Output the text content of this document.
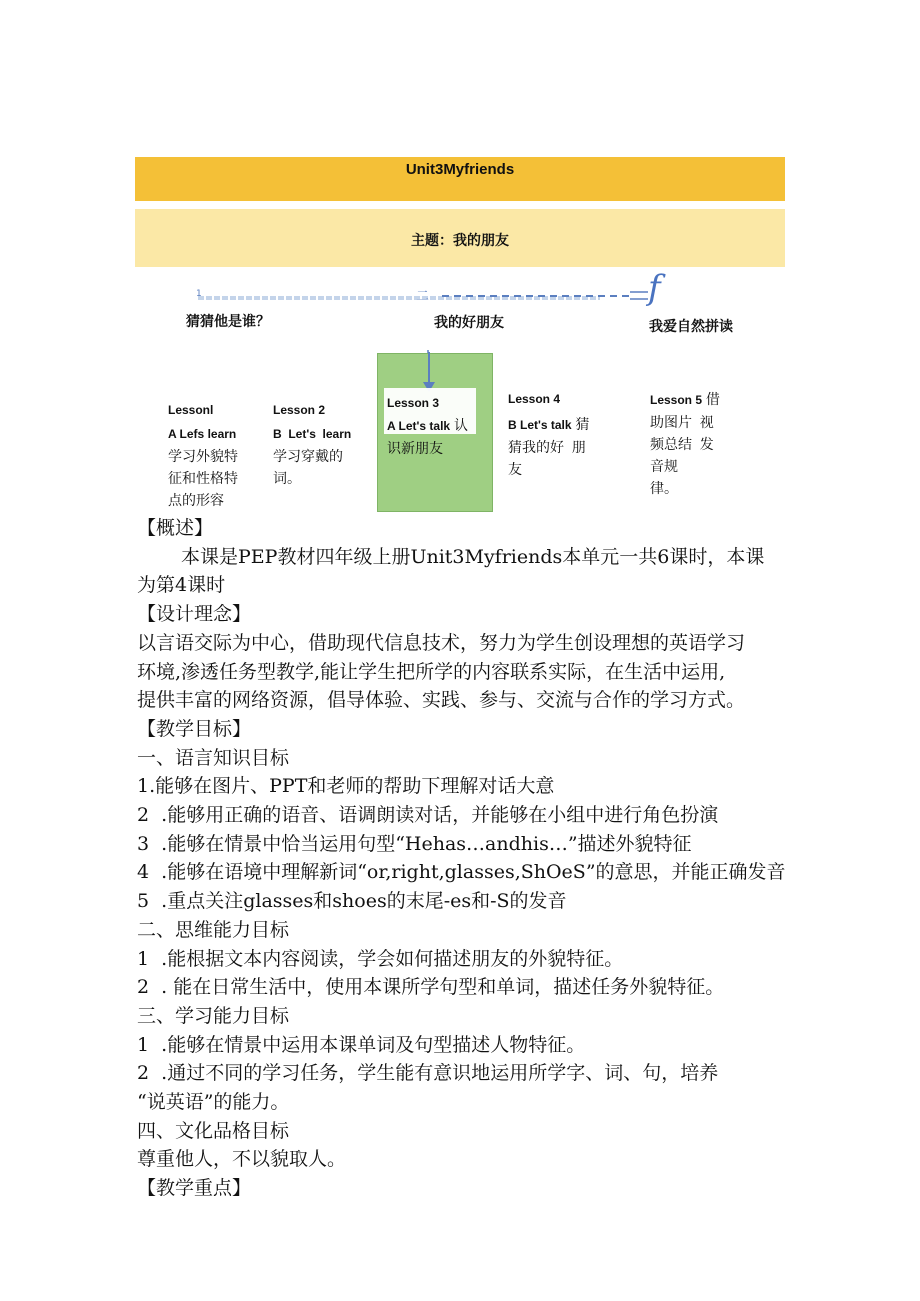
Unit3Myfriends
主题：我的朋友
1	二	f
猜猜他是谁？	我的好朋友	我爱自然拼读
Lessonl
A Lefs learn
学习外貌特
征和性格特
点的形容
Lesson 2
B  Let's  learn
学习穿戴的
词。
Lesson 3
A Let's talk 认
识新朋友
Lesson 4
B Let's talk 猜
猜我的好  朋
友
Lesson 5 借
助图片  视
频总结  发
音规
律。
【概述】
本课是PEP教材四年级上册Unit3Myfriends本单元一共6课时，本课
为第4课时
【设计理念】
以言语交际为中心，借助现代信息技术，努力为学生创设理想的英语学习
环境,渗透任务型教学,能让学生把所学的内容联系实际，在生活中运用,
提供丰富的网络资源，倡导体验、实践、参与、交流与合作的学习方式。
【教学目标】
一、语言知识目标
1.能够在图片、PPT和老师的帮助下理解对话大意
2  .能够用正确的语音、语调朗读对话，并能够在小组中进行角色扮演
3  .能够在情景中恰当运用句型“Hehas…andhis…”描述外貌特征
4  .能够在语境中理解新词“or,right,glasses,ShOeS”的意思，并能正确发音
5  .重点关注glasses和shoes的末尾-es和-S的发音
二、思维能力目标
1  .能根据文本内容阅读，学会如何描述朋友的外貌特征。
2  . 能在日常生活中，使用本课所学句型和单词，描述任务外貌特征。
三、学习能力目标
1  .能够在情景中运用本课单词及句型描述人物特征。
2  .通过不同的学习任务，学生能有意识地运用所学字、词、句，培养
“说英语”的能力。
四、文化品格目标
尊重他人，不以貌取人。
【教学重点】
